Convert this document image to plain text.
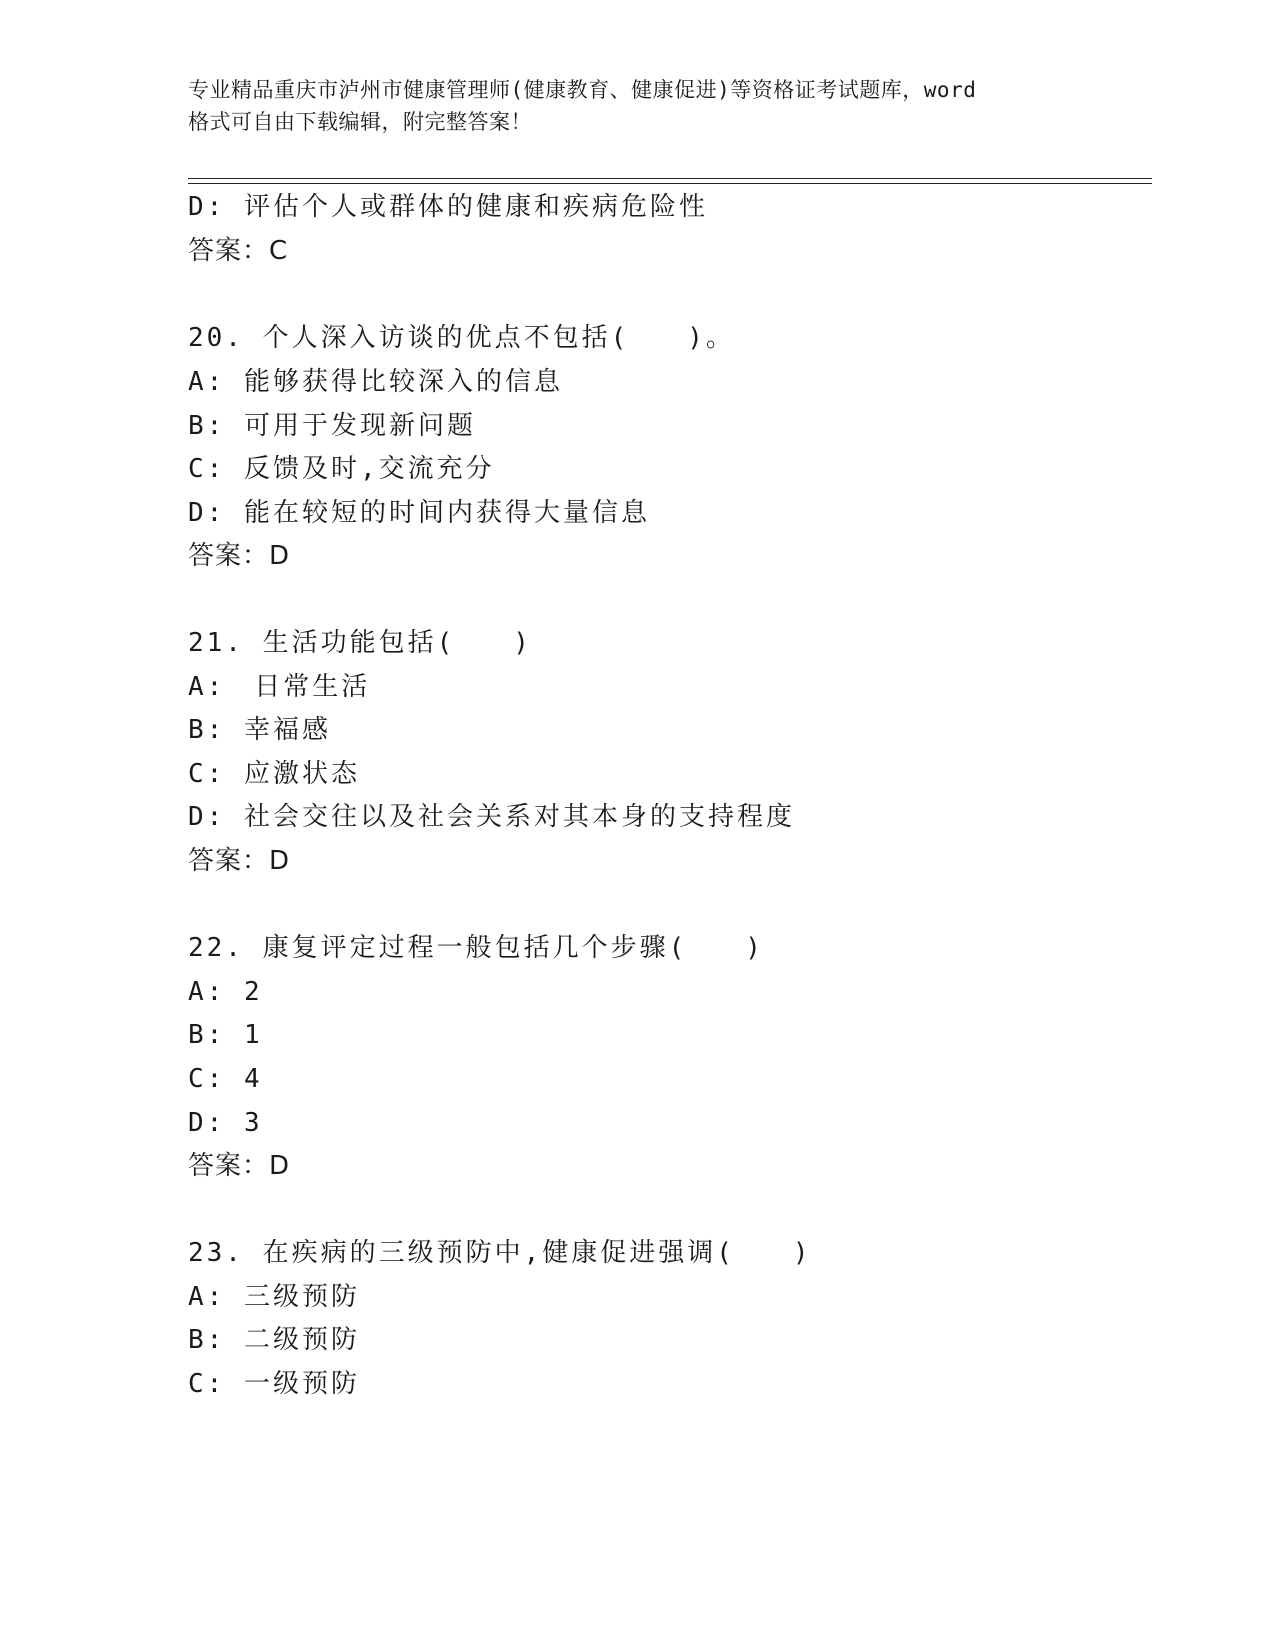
专业精品重庆市泸州市健康管理师(健康教育、健康促进)等资格证考试题库，word
格式可自由下载编辑，附完整答案！
D: 评估个人或群体的健康和疾病危险性
答案：C
20. 个人深入访谈的优点不包括(　　)。
A: 能够获得比较深入的信息
B: 可用于发现新问题
C: 反馈及时,交流充分
D: 能在较短的时间内获得大量信息
答案：D
21. 生活功能包括(　　)
A:　日常生活
B: 幸福感
C: 应激状态
D: 社会交往以及社会关系对其本身的支持程度
答案：D
22. 康复评定过程一般包括几个步骤(　　)
A: 2
B: 1
C: 4
D: 3
答案：D
23. 在疾病的三级预防中,健康促进强调(　　)
A: 三级预防
B: 二级预防
C: 一级预防
